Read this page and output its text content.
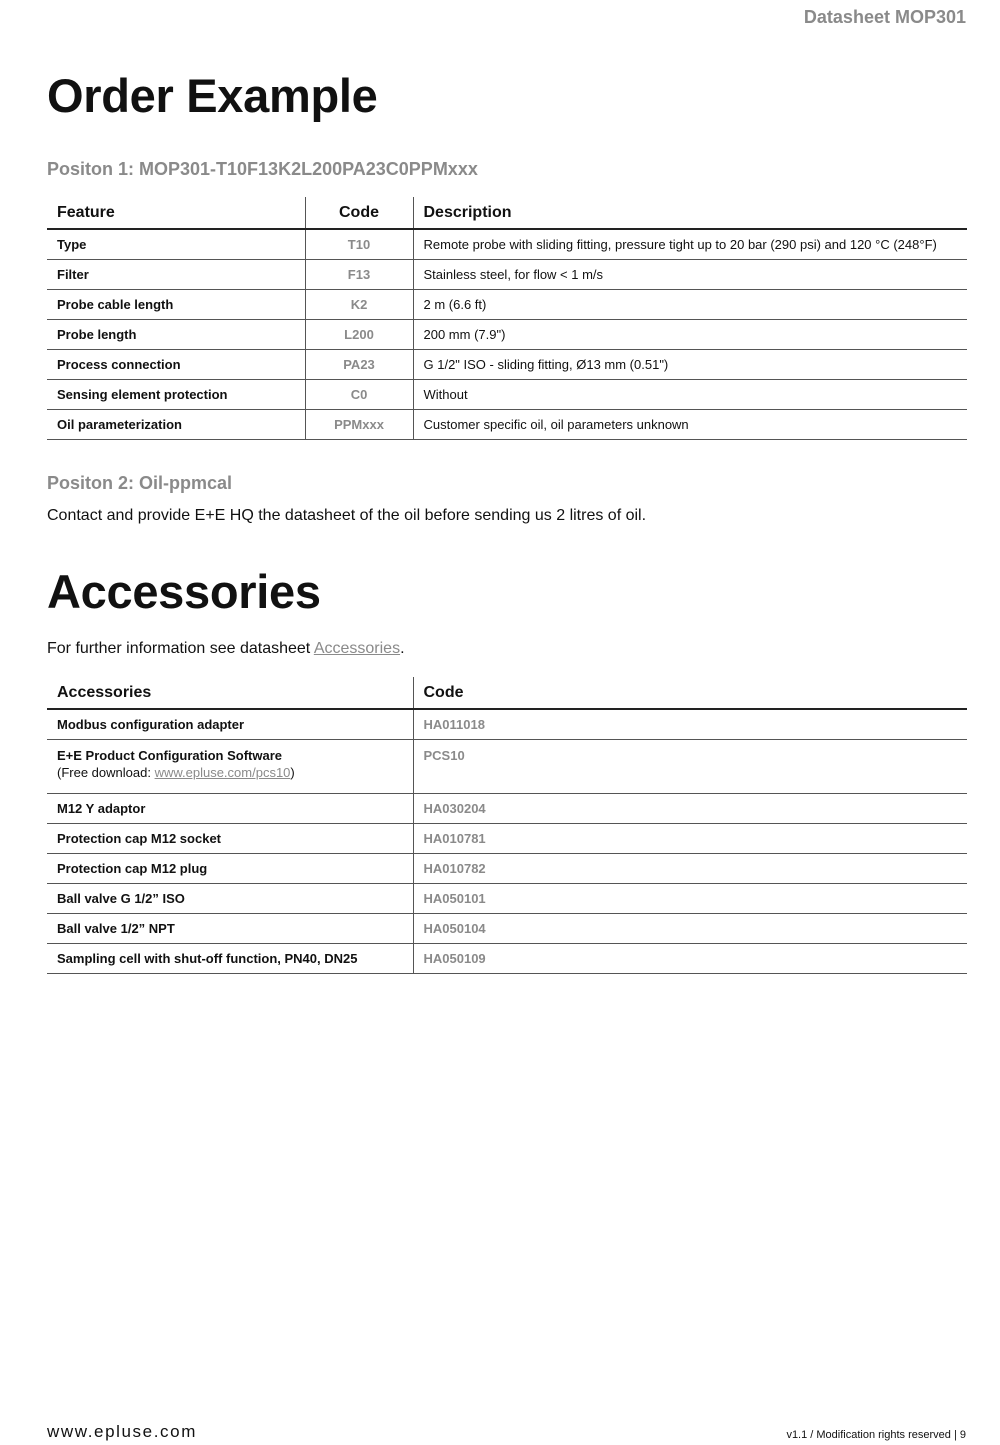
Datasheet MOP301
Order Example

Positon 1: MOP301-T10F13K2L200PA23C0PPMxxx

Feature	Code	Description
Type	T10	Remote probe with sliding fitting, pressure tight up to 20 bar (290 psi) and 120 °C (248°F)
Filter	F13	Stainless steel, for flow < 1 m/s
Probe cable length	K2	2 m (6.6 ft)
Probe length	L200	200 mm (7.9")
Process connection	PA23	G 1/2" ISO - sliding fitting, Ø13 mm (0.51")
Sensing element protection	C0	Without
Oil parameterization	PPMxxx	Customer specific oil, oil parameters unknown

Positon 2: Oil-ppmcal

Contact and provide E+E HQ the datasheet of the oil before sending us 2 litres of oil.

Accessories

For further information see datasheet Accessories.

Accessories	Code
Modbus configuration adapter	HA011018
E+E Product Configuration Software
(Free download: www.epluse.com/pcs10)	PCS10
M12 Y adaptor	HA030204
Protection cap M12 socket	HA010781
Protection cap M12 plug	HA010782
Ball valve G 1/2” ISO	HA050101
Ball valve 1/2” NPT	HA050104
Sampling cell with shut-off function, PN40, DN25	HA050109
www.epluse.com	v1.1 / Modification rights reserved | 9
